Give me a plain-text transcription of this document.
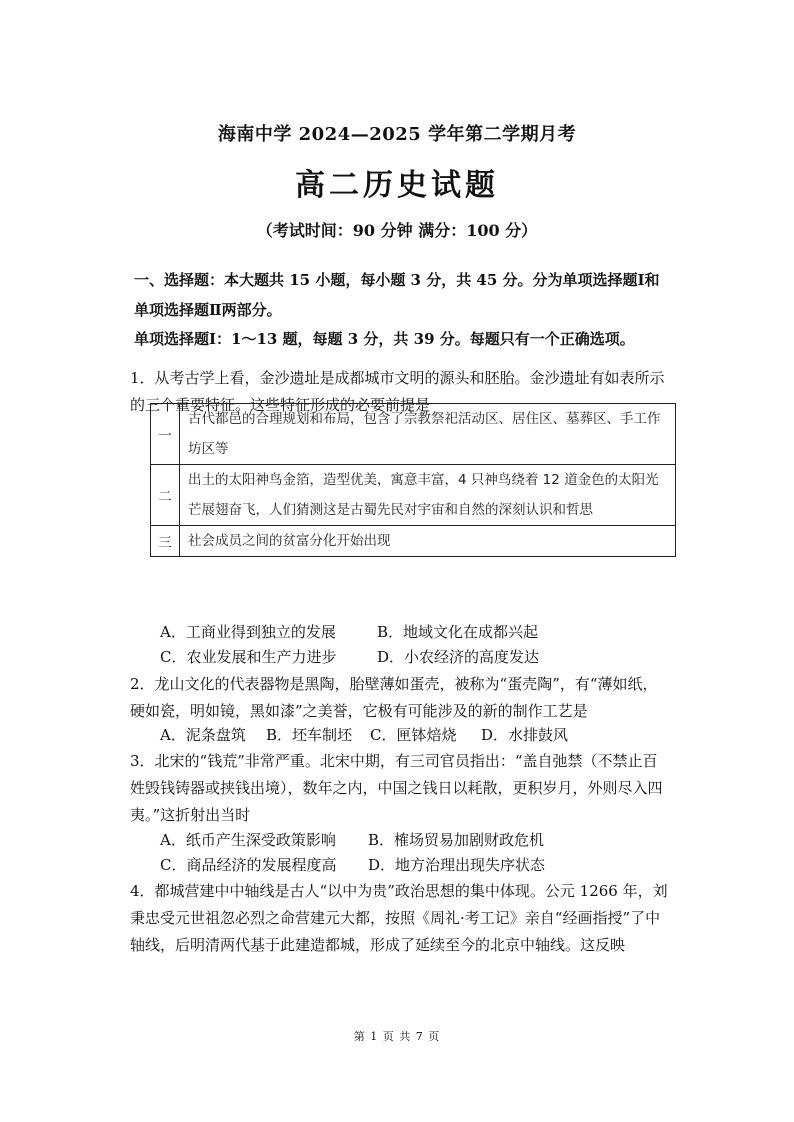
海南中学 2024—2025 学年第二学期月考
高二历史试题
（考试时间：90 分钟 满分：100 分）
一、选择题：本大题共 15 小题，每小题 3 分，共 45 分。分为单项选择题Ⅰ和单项选择题Ⅱ两部分。
单项选择题Ⅰ：1～13 题，每题 3 分，共 39 分。每题只有一个正确选项。
1．从考古学上看，金沙遗址是成都城市文明的源头和胚胎。金沙遗址有如表所示的三个重要特征。这些特征形成的必要前提是
一	古代都邑的合理规划和布局，包含了宗教祭祀活动区、居住区、墓葬区、手工作坊区等
二	出土的太阳神鸟金箔，造型优美，寓意丰富，4 只神鸟绕着 12 道金色的太阳光芒展翅奋飞，人们猜测这是古蜀先民对宇宙和自然的深刻认识和哲思
三	社会成员之间的贫富分化开始出现
A．工商业得到独立的发展	B．地域文化在成都兴起
C．农业发展和生产力进步	D．小农经济的高度发达
2．龙山文化的代表器物是黑陶，胎壁薄如蛋壳，被称为“蛋壳陶”，有“薄如纸，硬如瓷，明如镜，黑如漆”之美誉，它极有可能涉及的新的制作工艺是
A．泥条盘筑 B．坯车制坯 C．匣钵焙烧 D．水排鼓风
3．北宋的“钱荒”非常严重。北宋中期，有三司官员指出：“盖自弛禁（不禁止百姓毁钱铸器或挟钱出境），数年之内，中国之钱日以耗散，更积岁月，外则尽入四夷。”这折射出当时
A．纸币产生深受政策影响 B．榷场贸易加剧财政危机
C．商品经济的发展程度高 D．地方治理出现失序状态
4．都城营建中中轴线是古人“以中为贵”政治思想的集中体现。公元 1266 年，刘秉忠受元世祖忽必烈之命营建元大都，按照《周礼·考工记》亲自“经画指授”了中轴线，后明清两代基于此建造都城，形成了延续至今的北京中轴线。这反映
第 1 页 共 7 页
